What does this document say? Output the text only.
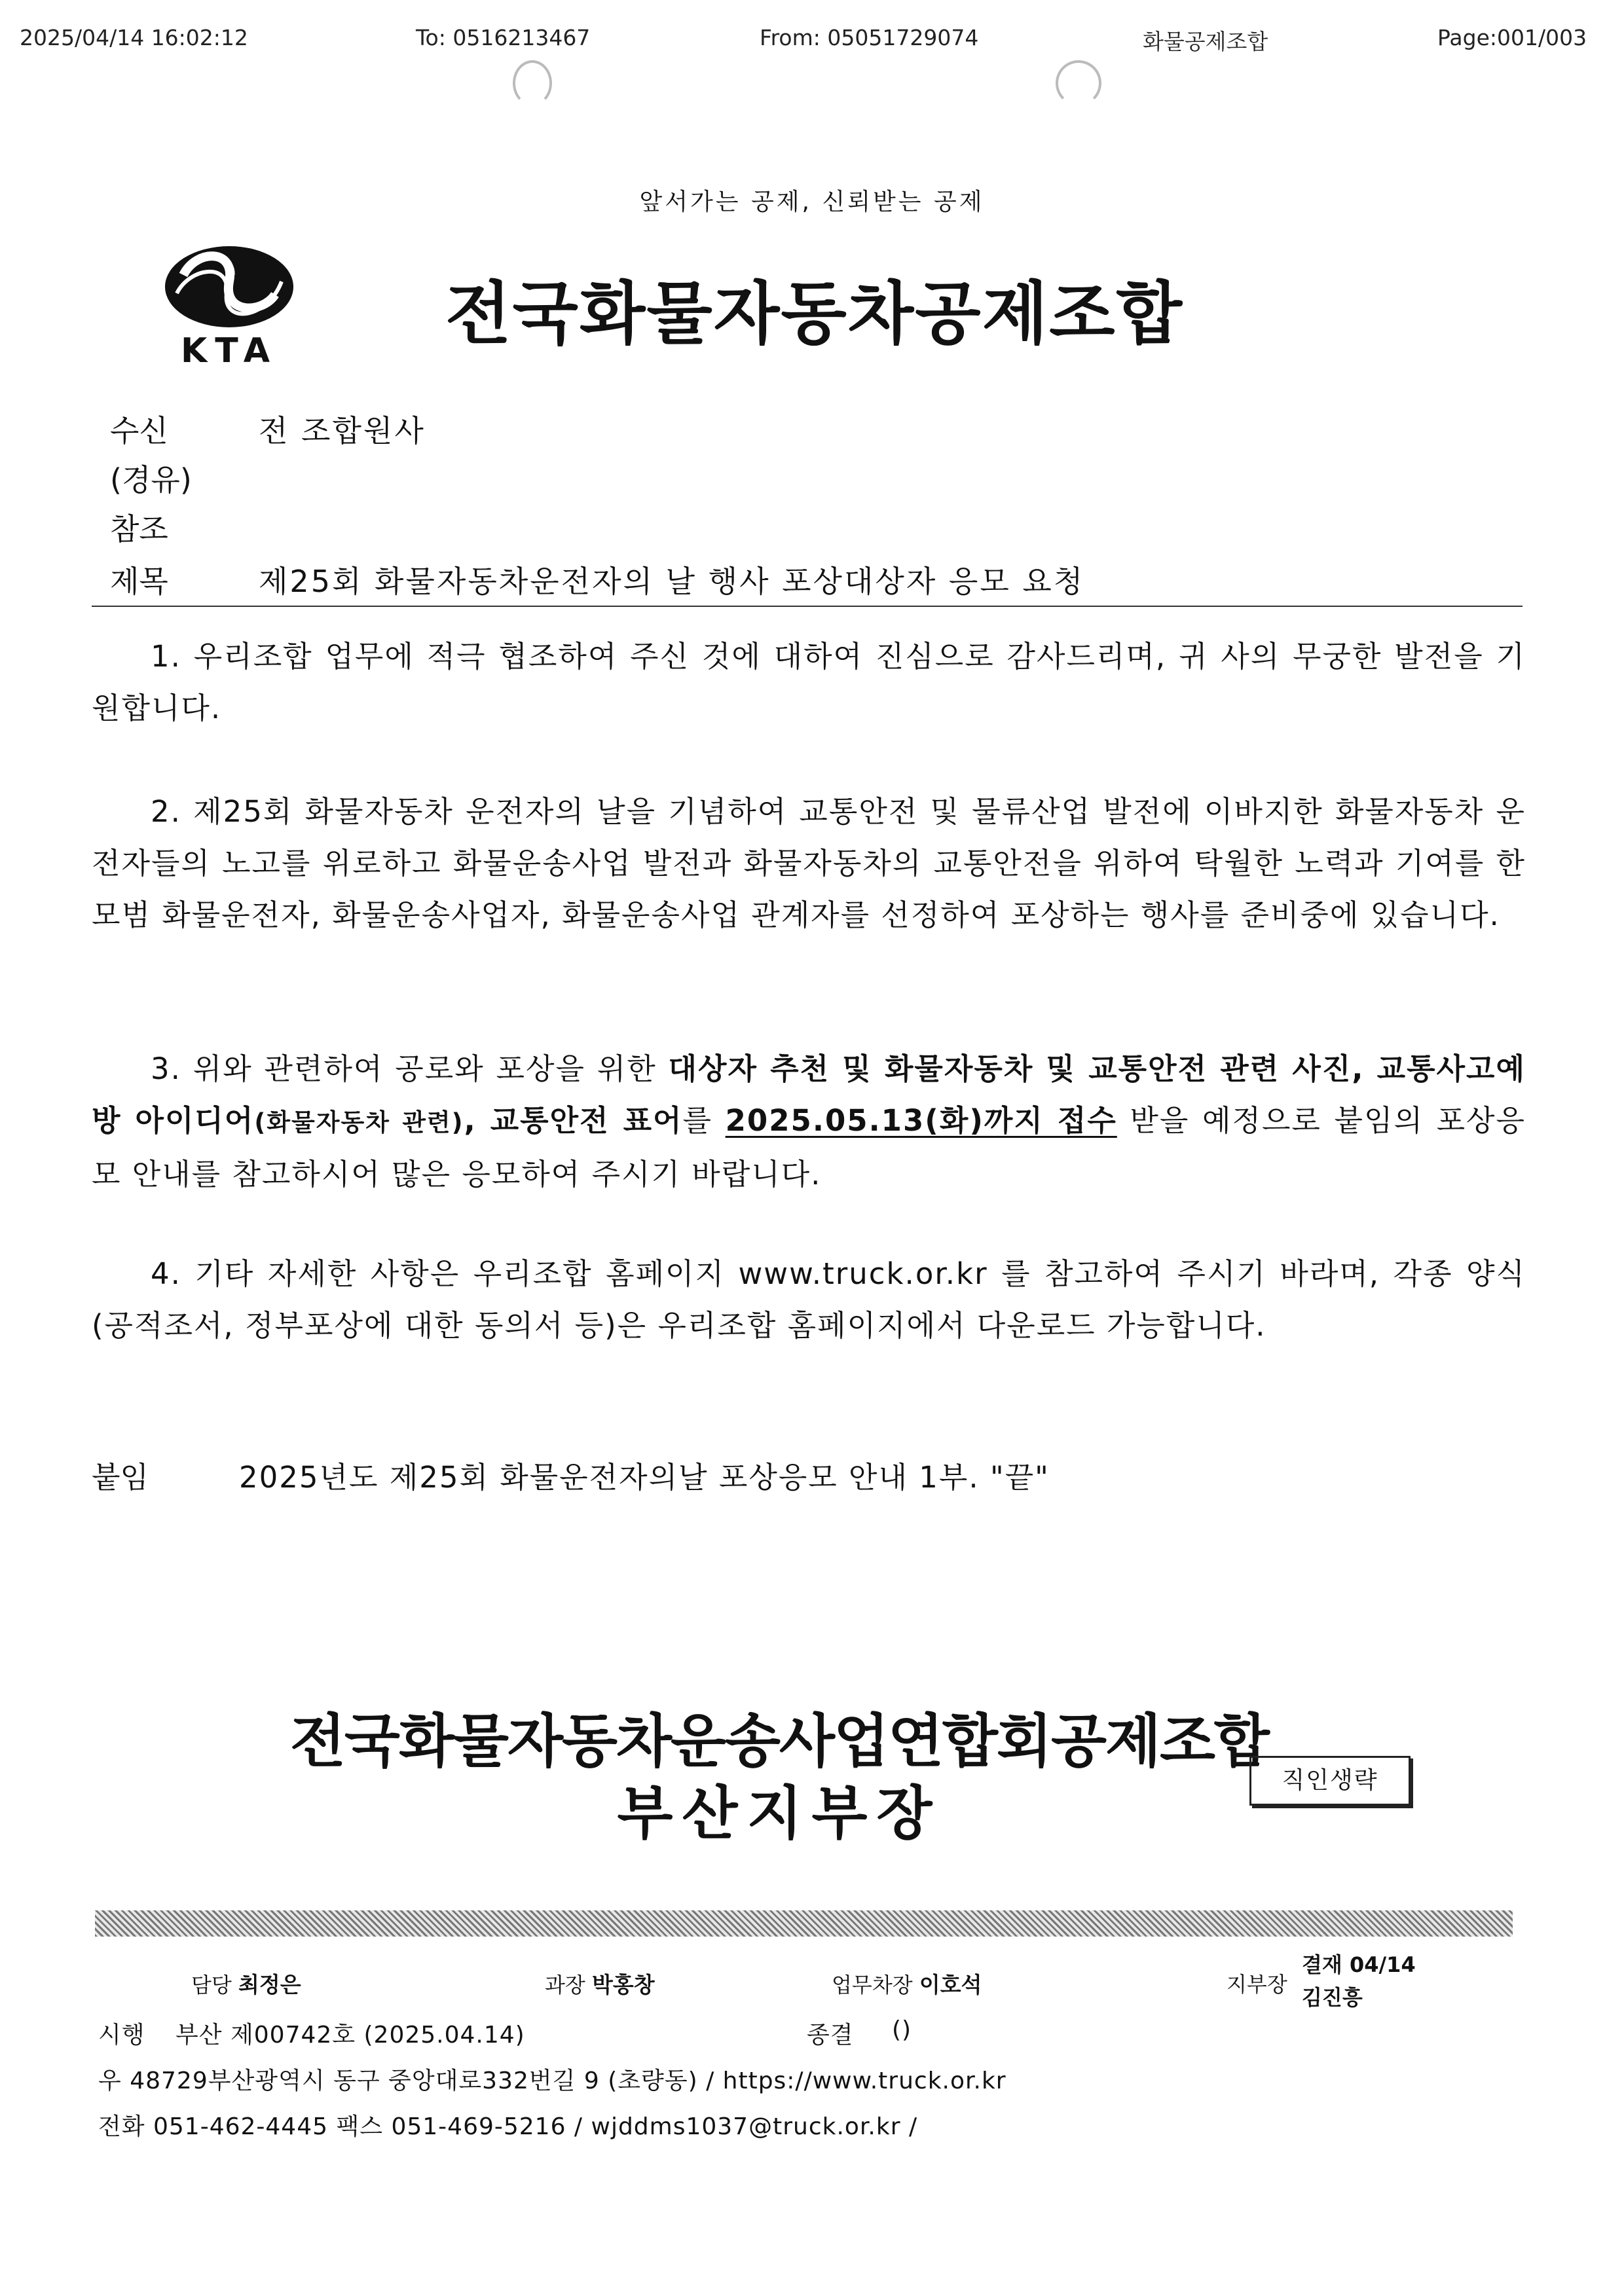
2025/04/14 16:02:12	To: 0516213467	From: 05051729074	화물공제조합	Page:001/003
앞서가는 공제, 신뢰받는 공제
KTA 전국화물자동차공제조합
수신	전 조합원사
(경유)
참조
제목	제25회 화물자동차운전자의 날 행사 포상대상자 응모 요청

1. 우리조합 업무에 적극 협조하여 주신 것에 대하여 진심으로 감사드리며, 귀 사의 무궁한 발전을 기원합니다.

2. 제25회 화물자동차 운전자의 날을 기념하여 교통안전 및 물류산업 발전에 이바지한 화물자동차 운전자들의 노고를 위로하고 화물운송사업 발전과 화물자동차의 교통안전을 위하여 탁월한 노력과 기여를 한 모범 화물운전자, 화물운송사업자, 화물운송사업 관계자를 선정하여 포상하는 행사를 준비중에 있습니다.

3. 위와 관련하여 공로와 포상을 위한 대상자 추천 및 화물자동차 및 교통안전 관련 사진, 교통사고예방 아이디어(화물자동차 관련), 교통안전 표어를 2025.05.13(화)까지 접수 받을 예정으로 붙임의 포상응모 안내를 참고하시어 많은 응모하여 주시기 바랍니다.

4. 기타 자세한 사항은 우리조합 홈페이지 www.truck.or.kr 를 참고하여 주시기 바라며, 각종 양식(공적조서, 정부포상에 대한 동의서 등)은 우리조합 홈페이지에서 다운로드 가능합니다.

붙임	2025년도 제25회 화물운전자의날 포상응모 안내 1부. "끝"
전국화물자동차운송사업연합회공제조합
부산지부장	직인생략
담당 최정은	과장 박홍창	업무차장 이호석	지부장
결재 04/14
김진흥
시행 부산 제00742호 (2025.04.14)	종결 ()
우 48729부산광역시 동구 중앙대로332번길 9 (초량동) / https://www.truck.or.kr
전화 051-462-4445 팩스 051-469-5216 / wjddms1037@truck.or.kr /
